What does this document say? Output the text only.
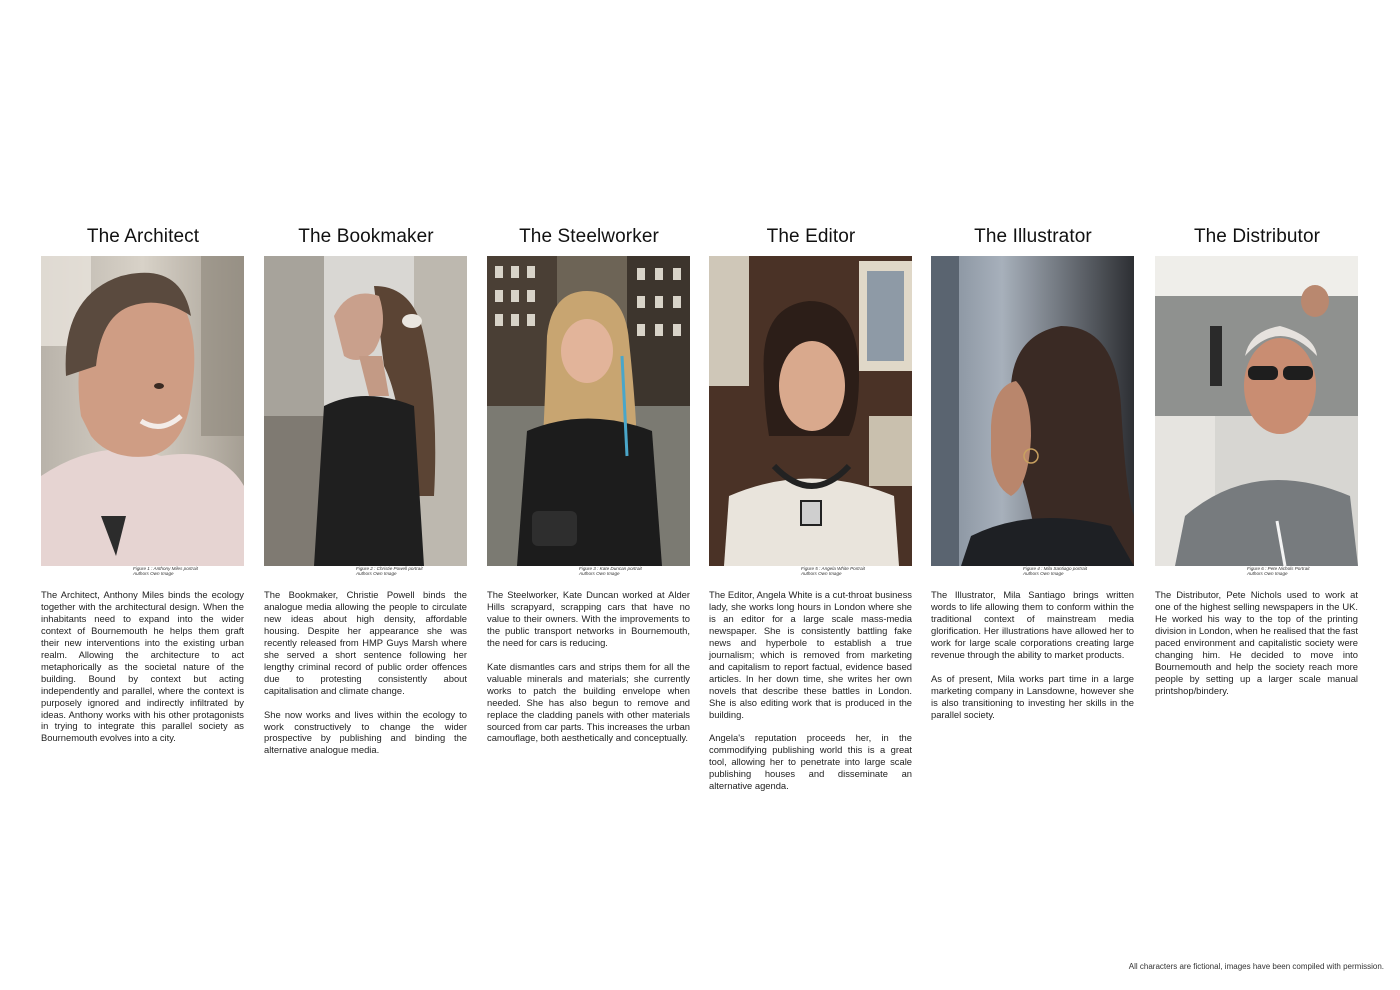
The Architect
Figure 1 : Anthony Miles portrait
Authors Own Image

The Architect, Anthony Miles binds the ecology together with the architectural design. When the inhabitants need to expand into the wider context of Bournemouth he helps them graft their new interventions into the existing urban realm. Allowing the architecture to act metaphorically as the societal nature of the building. Bound by context but acting independently and parallel, where the context is purposely ignored and indirectly infiltrated by ideas. Anthony works with his other protagonists in trying to integrate this parallel society as Bournemouth evolves into a city.

The Bookmaker
Figure 2 : Christie Powell portrait
Authors Own Image

The Bookmaker, Christie Powell binds the analogue media allowing the people to circulate new ideas about high density, affordable housing. Despite her appearance she was recently released from HMP Guys Marsh where she served a short sentence following her lengthy criminal record of public order offences due to protesting consistently about capitalisation and climate change.

She now works and lives within the ecology to work constructively to change the wider prospective by publishing and binding the alternative analogue media.

The Steelworker
Figure 3 : Kate Duncan portrait
Authors Own Image

The Steelworker, Kate Duncan worked at Alder Hills scrapyard, scrapping cars that have no value to their owners. With the improvements to the public transport networks in Bournemouth, the need for cars is reducing.

Kate dismantles cars and strips them for all the valuable minerals and materials; she currently works to patch the building envelope when needed. She has also begun to remove and replace the cladding panels with other materials sourced from car parts. This increases the urban camouflage, both aesthetically and conceptually.

The Editor
Figure 5 : Angela White Portrait
Authors Own Image

The Editor, Angela White is a cut-throat business lady, she works long hours in London where she is an editor for a large scale mass-media newspaper. She is consistently battling fake news and hyperbole to establish a true journalism; which is removed from marketing and capitalism to report factual, evidence based articles. In her down time, she writes her own novels that describe these battles in London. She is also editing work that is produced in the building.

Angela's reputation proceeds her, in the commodifying publishing world this is a great tool, allowing her to penetrate into large scale publishing houses and disseminate an alternative agenda.

The Illustrator
Figure 4 : Mila Santiago portrait
Authors Own Image

The Illustrator, Mila Santiago brings written words to life allowing them to conform within the traditional context of mainstream media glorification. Her illustrations have allowed her to work for large scale corporations creating large revenue through the ability to market products.

As of present, Mila works part time in a large marketing company in Lansdowne, however she is also transitioning to investing her skills in the parallel society.

The Distributor
Figure 6 : Pete Nichols Portrait
Authors Own Image

The Distributor, Pete Nichols used to work at one of the highest selling newspapers in the UK. He worked his way to the top of the printing division in London, when he realised that the fast paced environment and capitalistic society were changing him. He decided to move into Bournemouth and help the society reach more people by setting up a larger scale manual printshop/bindery.

All characters are fictional, images have been compiled with permission.
